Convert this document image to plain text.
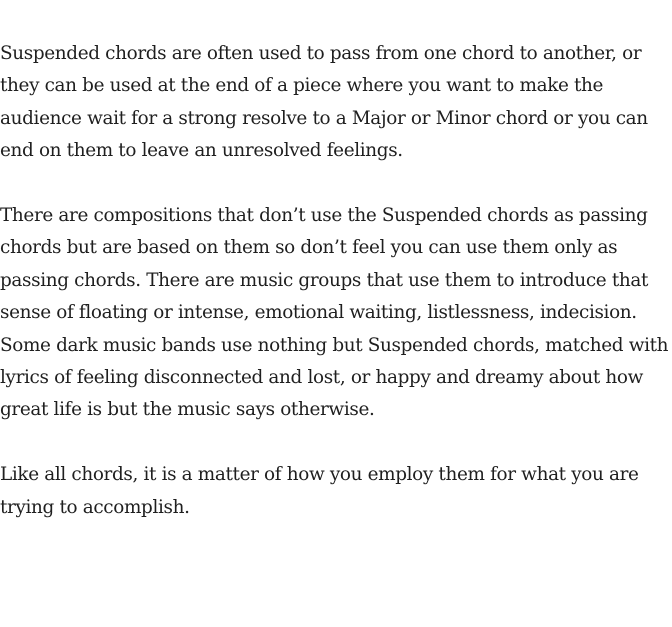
Suspended chords are often used to pass from one chord to another, or they can be used at the end of a piece where you want to make the audience wait for a strong resolve to a Major or Minor chord or you can end on them to leave an unresolved feelings.

There are compositions that don’t use the Suspended chords as passing chords but are based on them so don’t feel you can use them only as passing chords. There are music groups that use them to introduce that sense of floating or intense, emotional waiting, listlessness, indecision. Some dark music bands use nothing but Suspended chords, matched with lyrics of feeling disconnected and lost, or happy and dreamy about how great life is but the music says otherwise.

Like all chords, it is a matter of how you employ them for what you are trying to accomplish.
